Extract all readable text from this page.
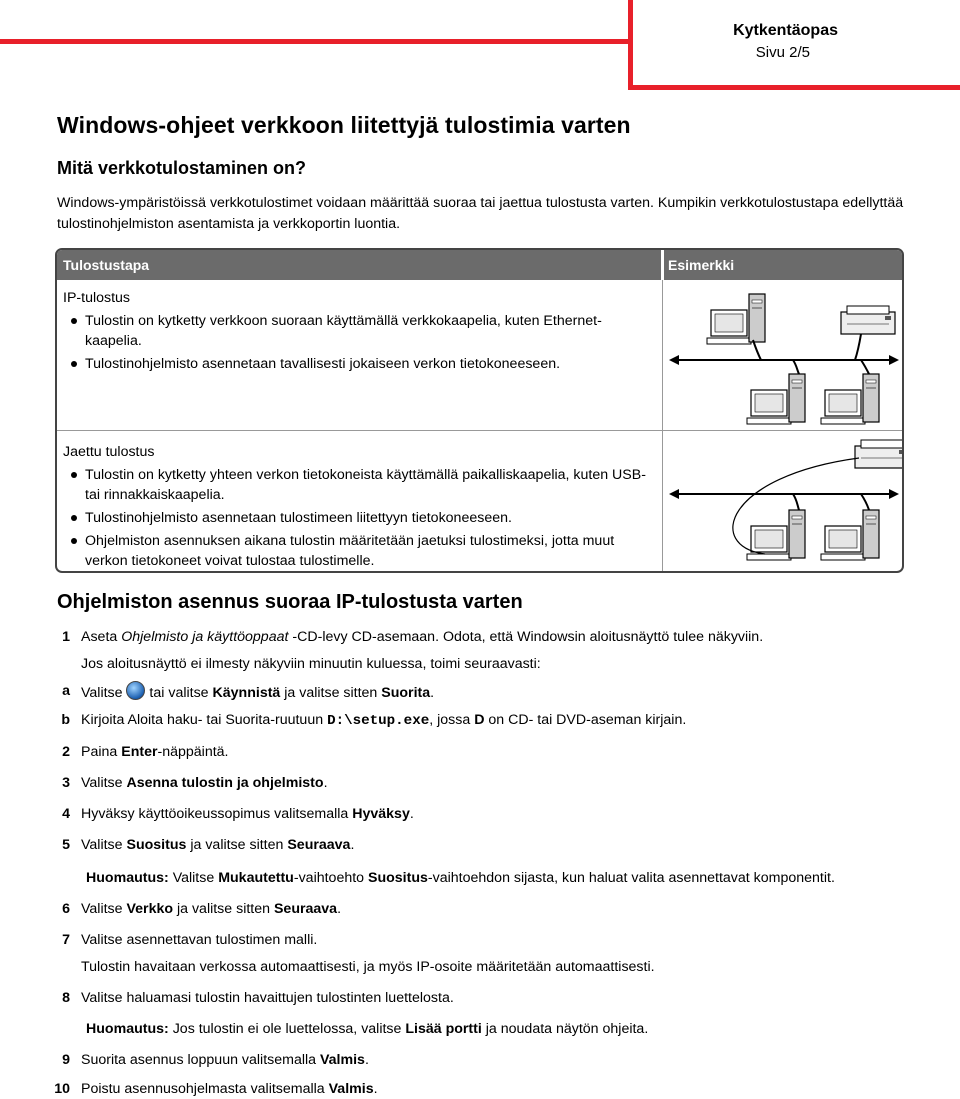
Kytkentäopas
Sivu 2/5
Windows-ohjeet verkkoon liitettyjä tulostimia varten
Mitä verkkotulostaminen on?
Windows-ympäristöissä verkkotulostimet voidaan määrittää suoraa tai jaettua tulostusta varten. Kumpikin verkkotulostustapa edellyttää tulostinohjelmiston asentamista ja verkkoportin luontia.
Tulostustapa	Esimerkki
IP-tulostus
Tulostin on kytketty verkkoon suoraan käyttämällä verkkokaapelia, kuten Ethernet-kaapelia.
Tulostinohjelmisto asennetaan tavallisesti jokaiseen verkon tietokoneeseen.
Jaettu tulostus
Tulostin on kytketty yhteen verkon tietokoneista käyttämällä paikalliskaapelia, kuten USB- tai rinnakkaiskaapelia.
Tulostinohjelmisto asennetaan tulostimeen liitettyyn tietokoneeseen.
Ohjelmiston asennuksen aikana tulostin määritetään jaetuksi tulostimeksi, jotta muut verkon tietokoneet voivat tulostaa tulostimelle.
Ohjelmiston asennus suoraa IP-tulostusta varten
1 Aseta Ohjelmisto ja käyttöoppaat -CD-levy CD-asemaan. Odota, että Windowsin aloitusnäyttö tulee näkyviin.
Jos aloitusnäyttö ei ilmesty näkyviin minuutin kuluessa, toimi seuraavasti:
a Valitse  tai valitse Käynnistä ja valitse sitten Suorita.
b Kirjoita Aloita haku- tai Suorita-ruutuun D:\setup.exe, jossa D on CD- tai DVD-aseman kirjain.
2 Paina Enter-näppäintä.
3 Valitse Asenna tulostin ja ohjelmisto.
4 Hyväksy käyttöoikeussopimus valitsemalla Hyväksy.
5 Valitse Suositus ja valitse sitten Seuraava.
Huomautus: Valitse Mukautettu-vaihtoehto Suositus-vaihtoehdon sijasta, kun haluat valita asennettavat komponentit.
6 Valitse Verkko ja valitse sitten Seuraava.
7 Valitse asennettavan tulostimen malli.
Tulostin havaitaan verkossa automaattisesti, ja myös IP-osoite määritetään automaattisesti.
8 Valitse haluamasi tulostin havaittujen tulostinten luettelosta.
Huomautus: Jos tulostin ei ole luettelossa, valitse Lisää portti ja noudata näytön ohjeita.
9 Suorita asennus loppuun valitsemalla Valmis.
10 Poistu asennusohjelmasta valitsemalla Valmis.
